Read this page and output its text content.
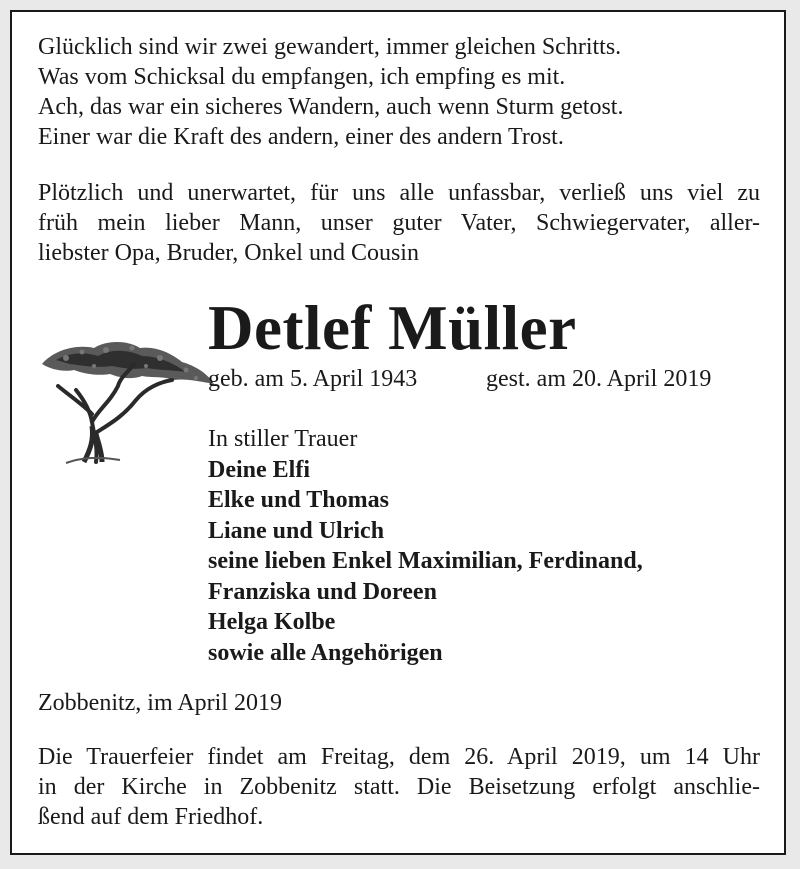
Glücklich sind wir zwei gewandert, immer gleichen Schritts.
Was vom Schicksal du empfangen, ich empfing es mit.
Ach, das war ein sicheres Wandern, auch wenn Sturm getost.
Einer war die Kraft des andern, einer des andern Trost.
Plötzlich und unerwartet, für uns alle unfassbar, verließ uns viel zu
früh mein lieber Mann, unser guter Vater, Schwiegervater, aller-
liebster Opa, Bruder, Onkel und Cousin
Detlef Müller
geb. am 5. April 1943	gest. am 20. April 2019
In stiller Trauer
Deine Elfi
Elke und Thomas
Liane und Ulrich
seine lieben Enkel Maximilian, Ferdinand,
Franziska und Doreen
Helga Kolbe
sowie alle Angehörigen
Zobbenitz, im April 2019
Die Trauerfeier findet am Freitag, dem 26. April 2019, um 14 Uhr
in der Kirche in Zobbenitz statt. Die Beisetzung erfolgt anschlie-
ßend auf dem Friedhof.
